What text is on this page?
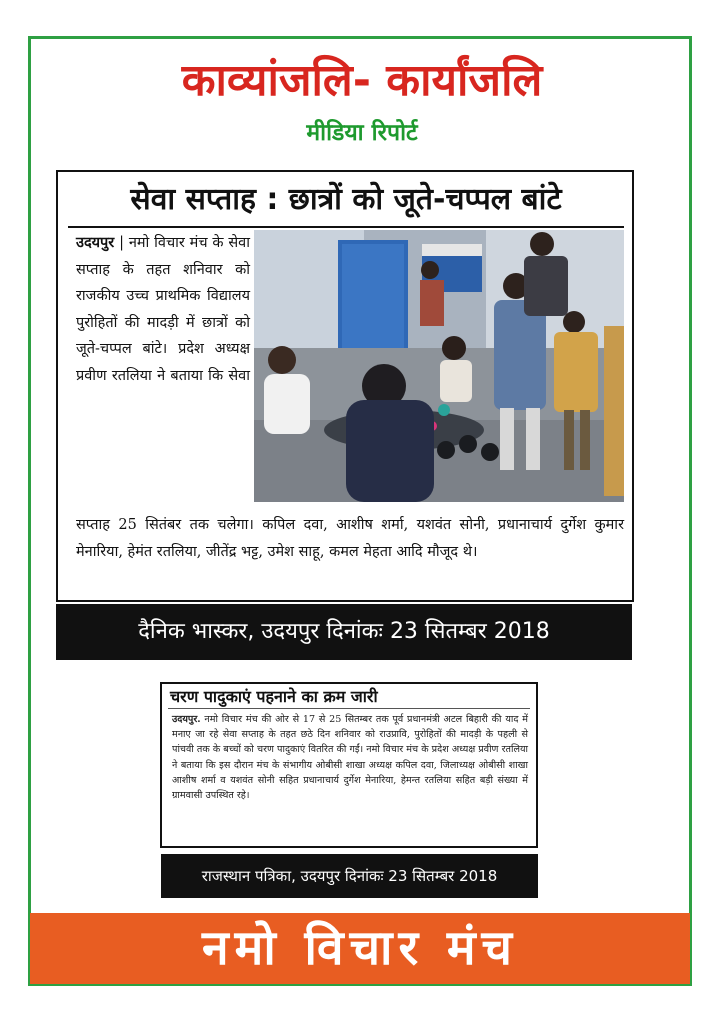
काव्यांजलि- कार्यांजलि
मीडिया रिपोर्ट
सेवा सप्ताह : छात्रों को जूते-चप्पल बांटे

उदयपुर | नमो विचार मंच के सेवा सप्ताह के तहत शनिवार को राजकीय उच्च प्राथमिक विद्यालय पुरोहितों की मादड़ी में छात्रों को जूते-चप्पल बांटे। प्रदेश अध्यक्ष प्रवीण रतलिया ने बताया कि सेवा

सप्ताह 25 सितंबर तक चलेगा। कपिल दवा, आशीष शर्मा, यशवंत सोनी, प्रधानाचार्य दुर्गेश कुमार मेनारिया, हेमंत रतलिया, जीतेंद्र भट्ट, उमेश साहू, कमल मेहता आदि मौजूद थे।

दैनिक भास्कर, उदयपुर दिनांकः 23 सितम्बर 2018
चरण पादुकाएं पहनाने का क्रम जारी

उदयपुर. नमो विचार मंच की ओर से 17 से 25 सितम्बर तक पूर्व प्रधानमंत्री अटल बिहारी की याद में मनाए जा रहे सेवा सप्ताह के तहत छठे दिन शनिवार को राउप्रावि, पुरोहितों की मादड़ी के पहली से पांचवी तक के बच्चों को चरण पादुकाएं वितरित की गईं। नमो विचार मंच के प्रदेश अध्यक्ष प्रवीण रतलिया ने बताया कि इस दौरान मंच के संभागीय ओबीसी शाखा अध्यक्ष कपिल दवा, जिलाध्यक्ष ओबीसी शाखा आशीष शर्मा व यशवंत सोनी सहित प्रधानाचार्य दुर्गेश मेनारिया, हेमन्त रतलिया सहित बड़ी संख्या में ग्रामवासी उपस्थित रहे।

राजस्थान पत्रिका, उदयपुर दिनांकः 23 सितम्बर 2018
नमो विचार मंच
